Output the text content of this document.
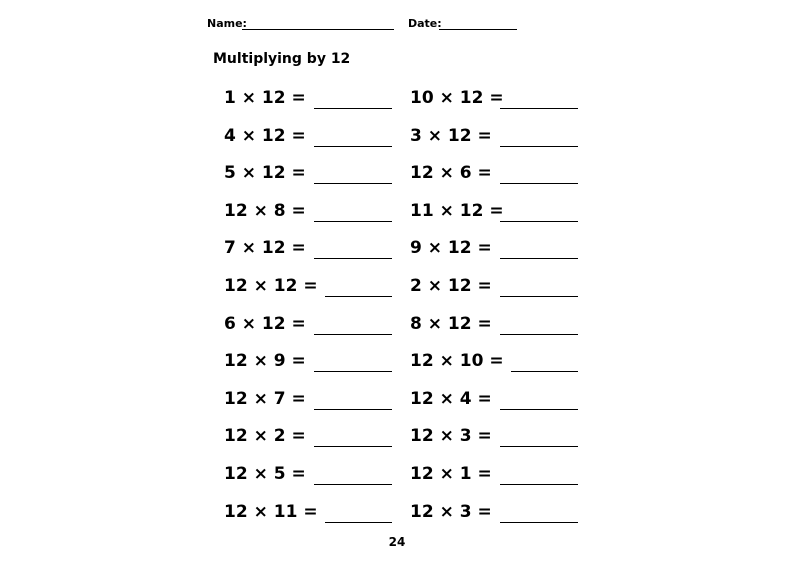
Name:	Date:
Multiplying by 12
1 × 12 =
4 × 12 =
5 × 12 =
12 × 8 =
7 × 12 =
12 × 12 =
6 × 12 =
12 × 9 =
12 × 7 =
12 × 2 =
12 × 5 =
12 × 11 =
10 × 12 =
3 × 12 =
12 × 6 =
11 × 12 =
9 × 12 =
2 × 12 =
8 × 12 =
12 × 10 =
12 × 4 =
12 × 3 =
12 × 1 =
12 × 3 =
24
